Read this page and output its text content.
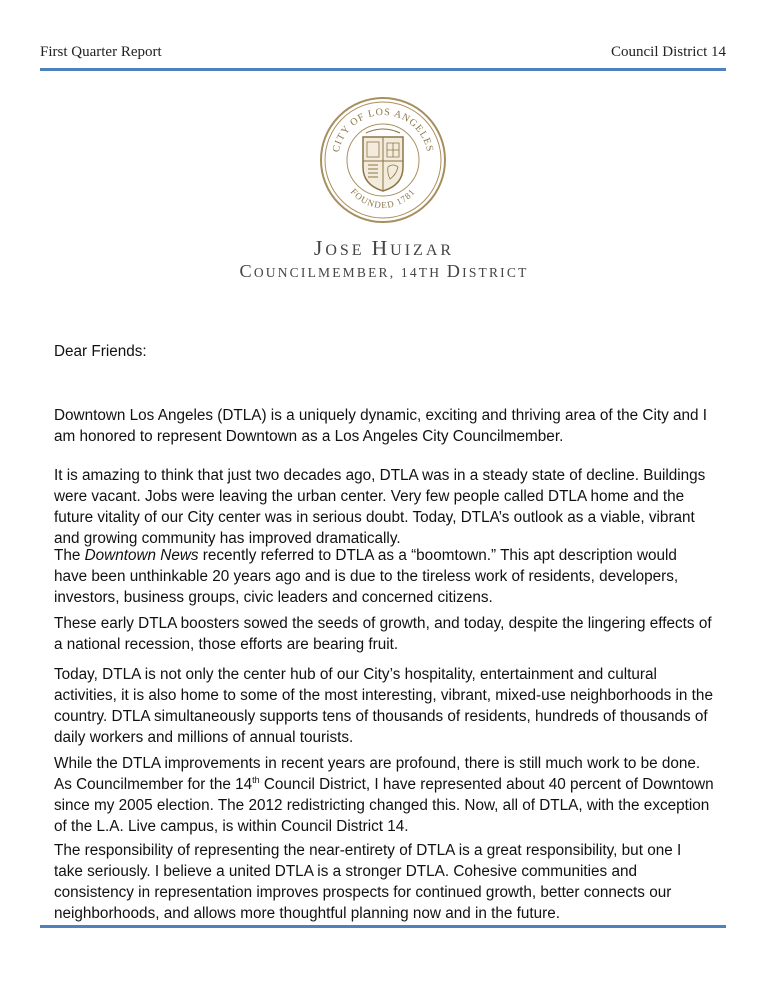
First Quarter Report	Council District 14
CITY OF LOS ANGELES
FOUNDED 1781
JOSE HUIZAR
COUNCILMEMBER, 14TH DISTRICT
Dear Friends:

Downtown Los Angeles (DTLA) is a uniquely dynamic, exciting and thriving area of the City and I am honored to represent Downtown as a Los Angeles City Councilmember.

It is amazing to think that just two decades ago, DTLA was in a steady state of decline. Buildings were vacant. Jobs were leaving the urban center. Very few people called DTLA home and the future vitality of our City center was in serious doubt. Today, DTLA’s outlook as a viable, vibrant and growing community has improved dramatically.

The Downtown News recently referred to DTLA as a “boomtown.” This apt description would have been unthinkable 20 years ago and is due to the tireless work of residents, developers, investors, business groups, civic leaders and concerned citizens.

These early DTLA boosters sowed the seeds of growth, and today, despite the lingering effects of a national recession, those efforts are bearing fruit.

Today, DTLA is not only the center hub of our City’s hospitality, entertainment and cultural activities, it is also home to some of the most interesting, vibrant, mixed-use neighborhoods in the country. DTLA simultaneously supports tens of thousands of residents, hundreds of thousands of daily workers and millions of annual tourists.

While the DTLA improvements in recent years are profound, there is still much work to be done. As Councilmember for the 14th Council District, I have represented about 40 percent of Downtown since my 2005 election. The 2012 redistricting changed this. Now, all of DTLA, with the exception of the L.A. Live campus, is within Council District 14.

The responsibility of representing the near-entirety of DTLA is a great responsibility, but one I take seriously. I believe a united DTLA is a stronger DTLA. Cohesive communities and consistency in representation improves prospects for continued growth, better connects our neighborhoods, and allows more thoughtful planning now and in the future.
